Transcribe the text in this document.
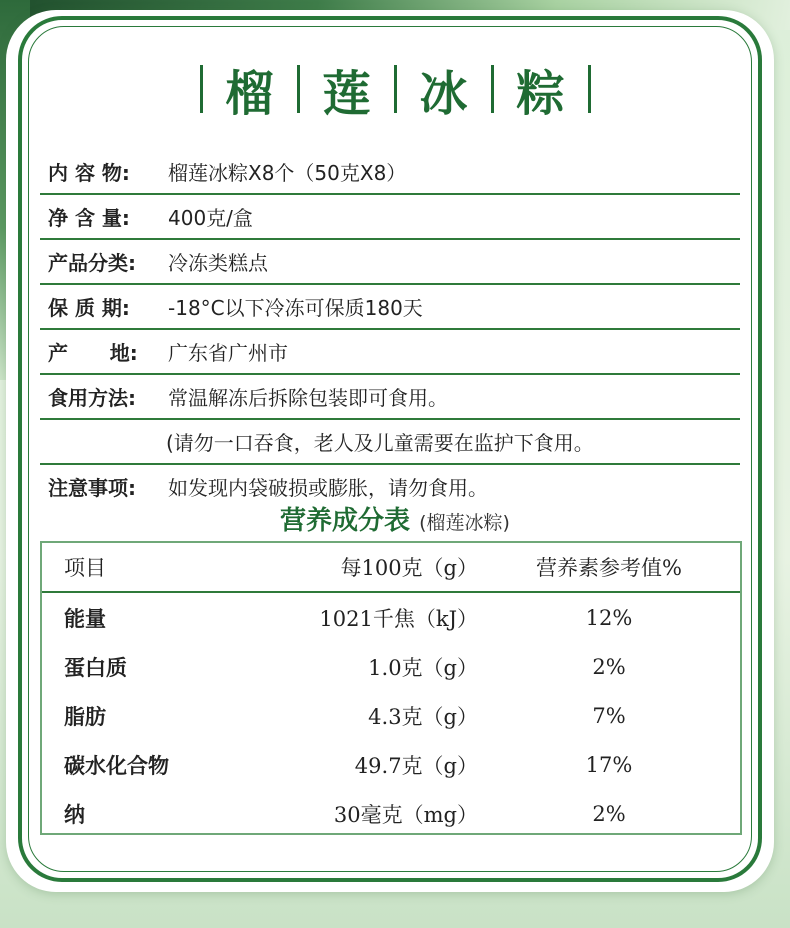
榴 莲 冰 粽
内 容 物:	榴莲冰粽X8个（50克X8）
净 含 量:	400克/盒
产品分类:	冷冻类糕点
保 质 期:	-18°C以下冷冻可保质180天
产      地:	广东省广州市
食用方法:	常温解冻后拆除包装即可食用。
(请勿一口吞食，老人及儿童需要在监护下食用。
注意事项:	如发现内袋破损或膨胀，请勿食用。
营养成分表 (榴莲冰粽)
项目	每100克（g）	营养素参考值%
能量	1021千焦（kJ）	12%
蛋白质	1.0克（g）	2%
脂肪	4.3克（g）	7%
碳水化合物	49.7克（g）	17%
纳	30毫克（mg）	2%
